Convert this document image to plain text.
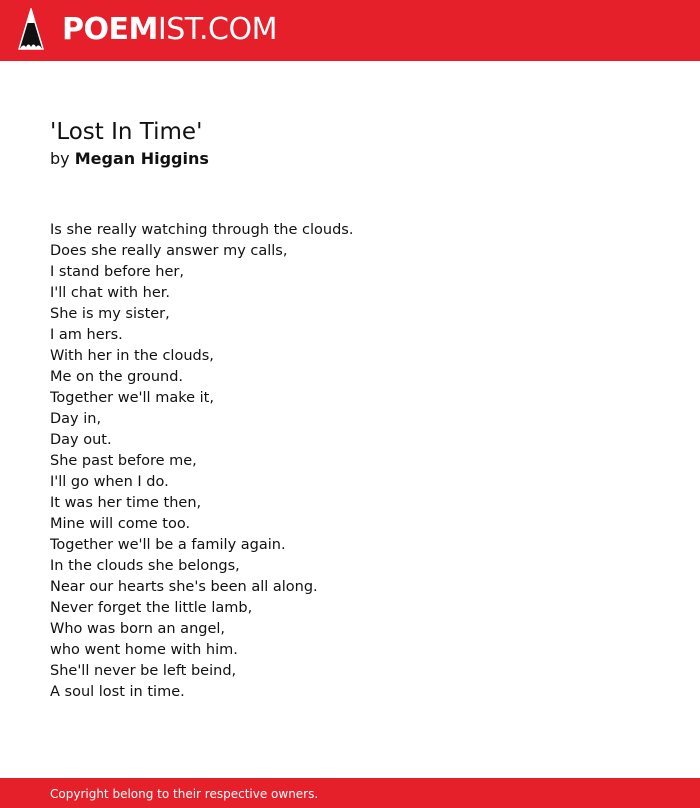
POEMIST.COM
'Lost In Time'
by Megan Higgins
Is she really watching through the clouds.
Does she really answer my calls,
I stand before her,
I'll chat with her.
She is my sister,
I am hers.
With her in the clouds,
Me on the ground.
Together we'll make it,
Day in,
Day out.
She past before me,
I'll go when I do.
It was her time then,
Mine will come too.
Together we'll be a family again.
In the clouds she belongs,
Near our hearts she's been all along.
Never forget the little lamb,
Who was born an angel,
who went home with him.
She'll never be left beind,
A soul lost in time.
Copyright belong to their respective owners.
